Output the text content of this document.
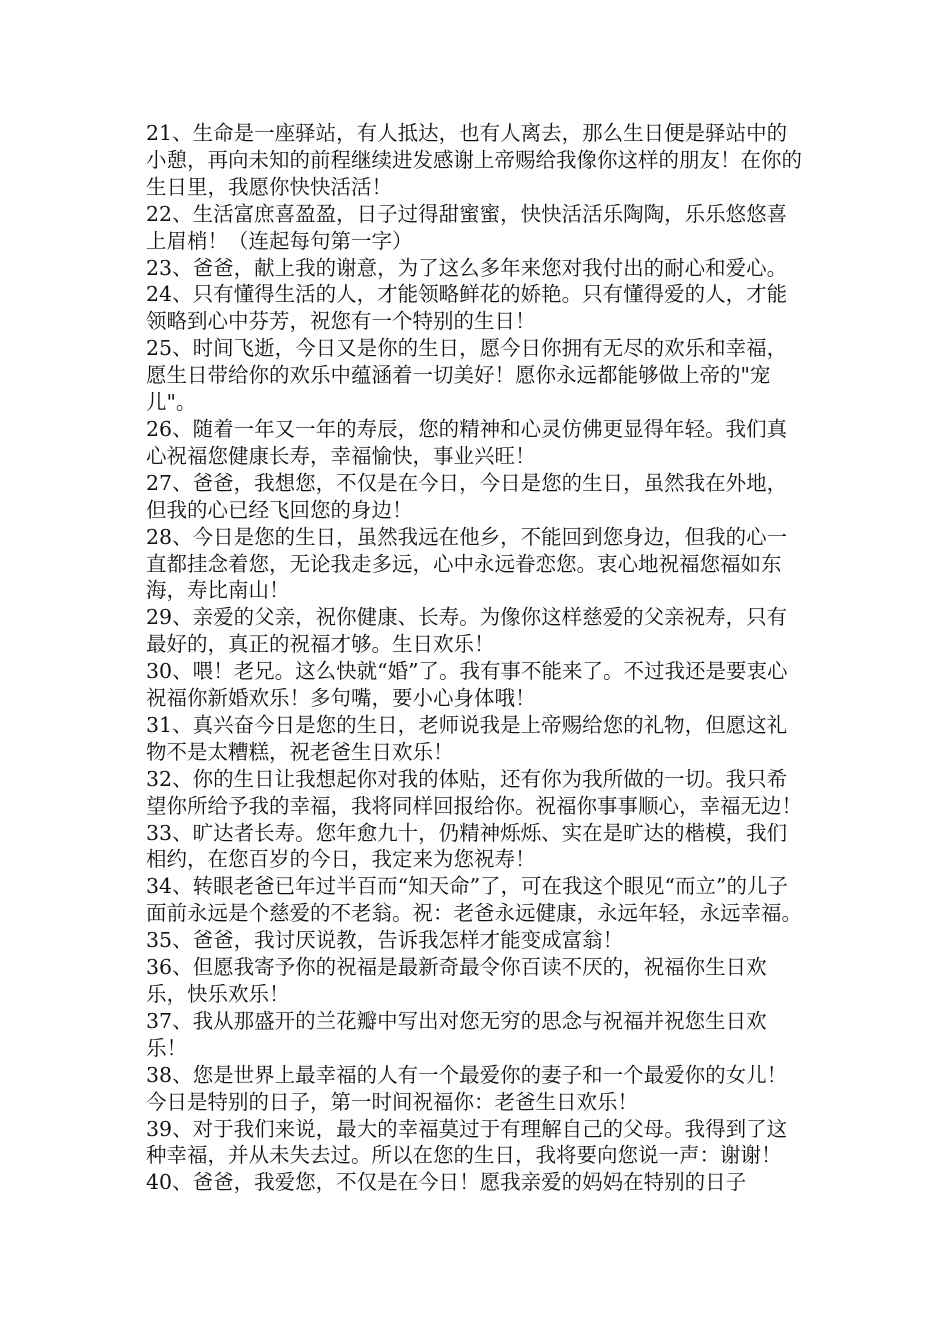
21、生命是一座驿站，有人抵达，也有人离去，那么生日便是驿站中的小憩，再向未知的前程继续进发感谢上帝赐给我像你这样的朋友！在你的生日里，我愿你快快活活！

22、生活富庶喜盈盈，日子过得甜蜜蜜，快快活活乐陶陶，乐乐悠悠喜上眉梢！（连起每句第一字）

23、爸爸，献上我的谢意，为了这么多年来您对我付出的耐心和爱心。

24、只有懂得生活的人，才能领略鲜花的娇艳。只有懂得爱的人，才能领略到心中芬芳，祝您有一个特别的生日！

25、时间飞逝，今日又是你的生日，愿今日你拥有无尽的欢乐和幸福，愿生日带给你的欢乐中蕴涵着一切美好！愿你永远都能够做上帝的"宠儿"。

26、随着一年又一年的寿辰，您的精神和心灵仿佛更显得年轻。我们真心祝福您健康长寿，幸福愉快，事业兴旺！

27、爸爸，我想您，不仅是在今日，今日是您的生日，虽然我在外地，但我的心已经飞回您的身边！

28、今日是您的生日，虽然我远在他乡，不能回到您身边，但我的心一直都挂念着您，无论我走多远，心中永远眷恋您。衷心地祝福您福如东海，寿比南山！

29、亲爱的父亲，祝你健康、长寿。为像你这样慈爱的父亲祝寿，只有最好的，真正的祝福才够。生日欢乐！

30、喂！老兄。这么快就“婚”了。我有事不能来了。不过我还是要衷心祝福你新婚欢乐！多句嘴，要小心身体哦！

31、真兴奋今日是您的生日，老师说我是上帝赐给您的礼物，但愿这礼物不是太糟糕，祝老爸生日欢乐！

32、你的生日让我想起你对我的体贴，还有你为我所做的一切。我只希望你所给予我的幸福，我将同样回报给你。祝福你事事顺心，幸福无边！

33、旷达者长寿。您年愈九十，仍精神烁烁、实在是旷达的楷模，我们相约，在您百岁的今日，我定来为您祝寿！

34、转眼老爸已年过半百而“知天命”了，可在我这个眼见“而立”的儿子面前永远是个慈爱的不老翁。祝：老爸永远健康，永远年轻，永远幸福。

35、爸爸，我讨厌说教，告诉我怎样才能变成富翁！

36、但愿我寄予你的祝福是最新奇最令你百读不厌的，祝福你生日欢乐，快乐欢乐！

37、我从那盛开的兰花瓣中写出对您无穷的思念与祝福并祝您生日欢乐！

38、您是世界上最幸福的人有一个最爱你的妻子和一个最爱你的女儿！今日是特别的日子，第一时间祝福你：老爸生日欢乐！

39、对于我们来说，最大的幸福莫过于有理解自己的父母。我得到了这种幸福，并从未失去过。所以在您的生日，我将要向您说一声：谢谢！

40、爸爸，我爱您，不仅是在今日！愿我亲爱的妈妈在特别的日子
